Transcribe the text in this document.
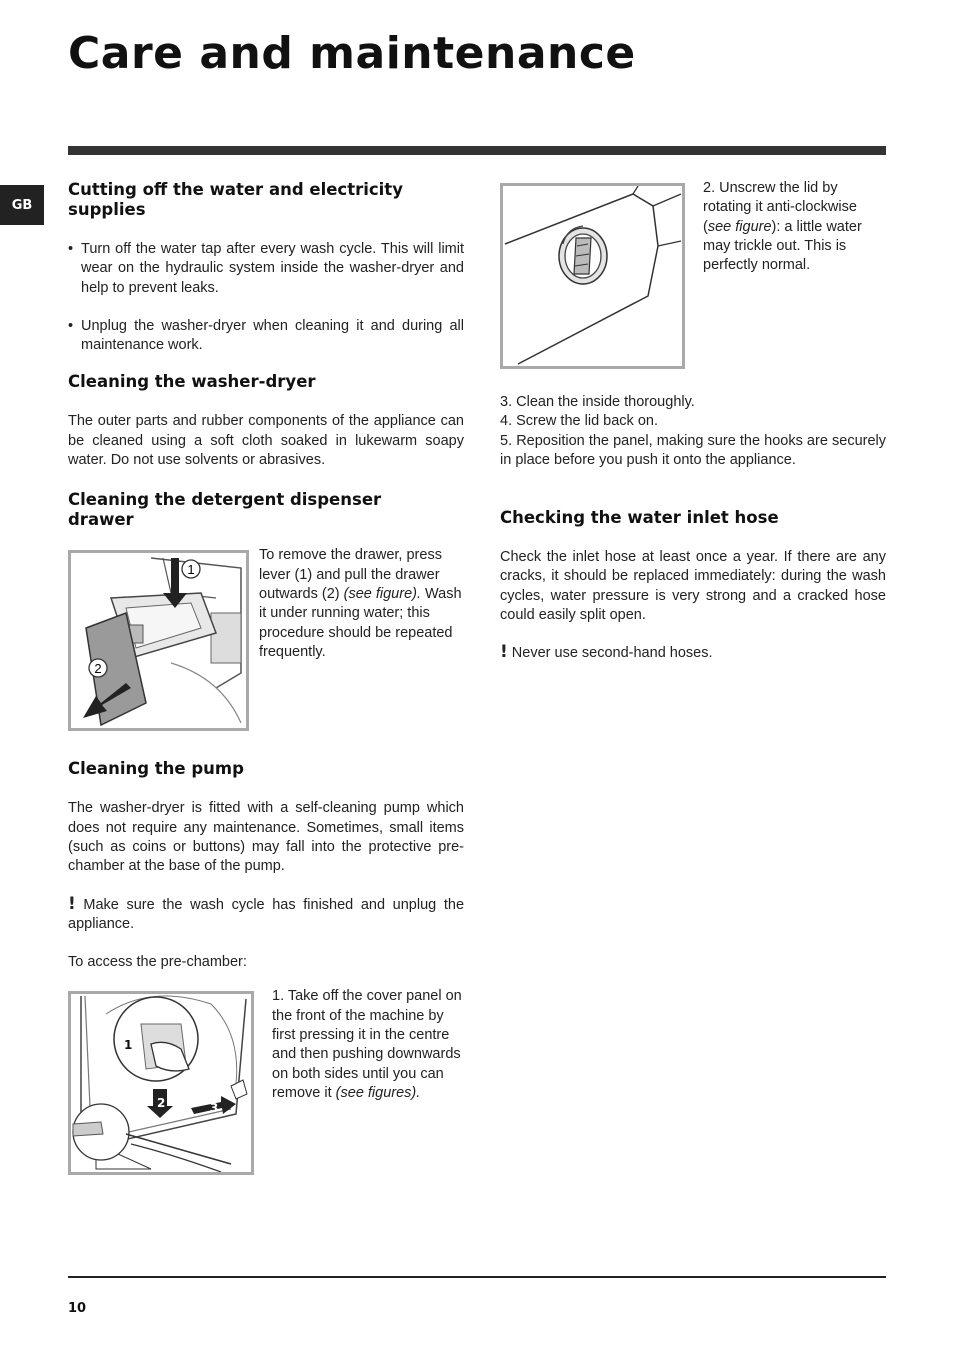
Care and maintenance
GB
Cutting off the water and electricity supplies
• Turn off the water tap after every wash cycle. This will limit wear on the hydraulic system inside the washer-dryer and help to prevent leaks.
• Unplug the washer-dryer when cleaning it and during all maintenance work.
Cleaning the washer-dryer

The outer parts and rubber components of the appliance can be cleaned using a soft cloth soaked in lukewarm soapy water. Do not use solvents or abrasives.

Cleaning the detergent dispenser drawer
1
2

To remove the drawer, press lever (1) and pull the drawer outwards (2) (see figure). Wash it under running water; this procedure should be repeated frequently.

Cleaning the pump

The washer-dryer is fitted with a self-cleaning pump which does not require any maintenance. Sometimes, small items (such as coins or buttons) may fall into the protective pre-chamber at the base of the pump.

! Make sure the wash cycle has finished and unplug the appliance.

To access the pre-chamber:

1
2	3

1. Take off the cover panel on the front of the machine by first pressing it in the centre and then pushing downwards on both sides until you can remove it (see figures).

2. Unscrew the lid by rotating it anti-clockwise (see figure): a little water may trickle out. This is perfectly normal.

3. Clean the inside thoroughly.

4. Screw the lid back on.

5. Reposition the panel, making sure the hooks are securely in place before you push it onto the appliance.

Checking the water inlet hose

Check the inlet hose at least once a year. If there are any cracks, it should be replaced immediately: during the wash cycles, water pressure is very strong and a cracked hose could easily split open.

! Never use second-hand hoses.

10
